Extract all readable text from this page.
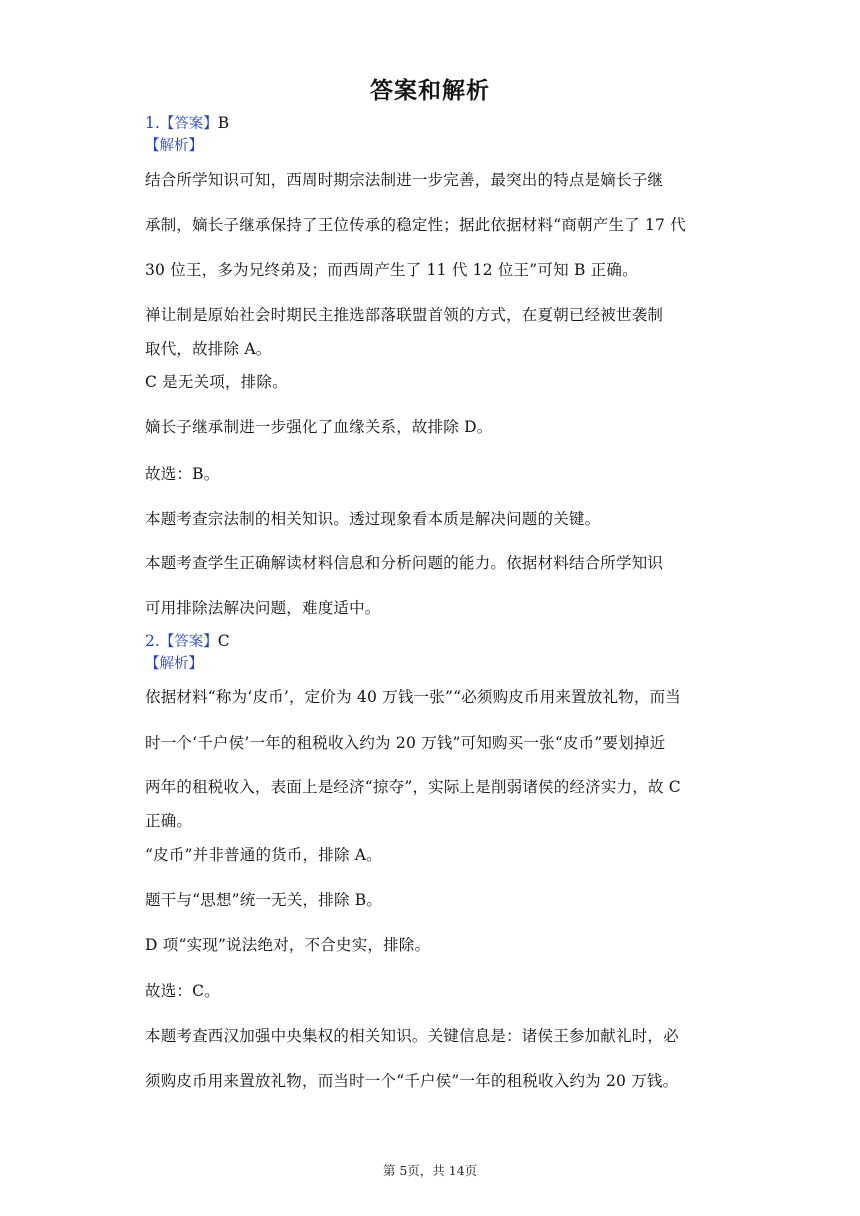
答案和解析
1.【答案】B
【解析】
结合所学知识可知，西周时期宗法制进一步完善，最突出的特点是嫡长子继
承制，嫡长子继承保持了王位传承的稳定性；据此依据材料“商朝产生了 17 代
30 位王，多为兄终弟及；而西周产生了 11 代 12 位王”可知 B 正确。
禅让制是原始社会时期民主推选部落联盟首领的方式，在夏朝已经被世袭制
取代，故排除 A。
C 是无关项，排除。
嫡长子继承制进一步强化了血缘关系，故排除 D。
故选：B。
本题考查宗法制的相关知识。透过现象看本质是解决问题的关键。
本题考查学生正确解读材料信息和分析问题的能力。依据材料结合所学知识
可用排除法解决问题，难度适中。
2.【答案】C
【解析】
依据材料“称为‘皮币’，定价为 40 万钱一张”“必须购皮币用来置放礼物，而当
时一个‘千户侯’一年的租税收入约为 20 万钱”可知购买一张“皮币”要划掉近
两年的租税收入，表面上是经济“掠夺”，实际上是削弱诸侯的经济实力，故 C
正确。
“皮币”并非普通的货币，排除 A。
题干与“思想”统一无关，排除 B。
D 项“实现”说法绝对，不合史实，排除。
故选：C。
本题考查西汉加强中央集权的相关知识。关键信息是：诸侯王参加献礼时，必
须购皮币用来置放礼物，而当时一个“千户侯”一年的租税收入约为 20 万钱。
第 5页，共 14页
